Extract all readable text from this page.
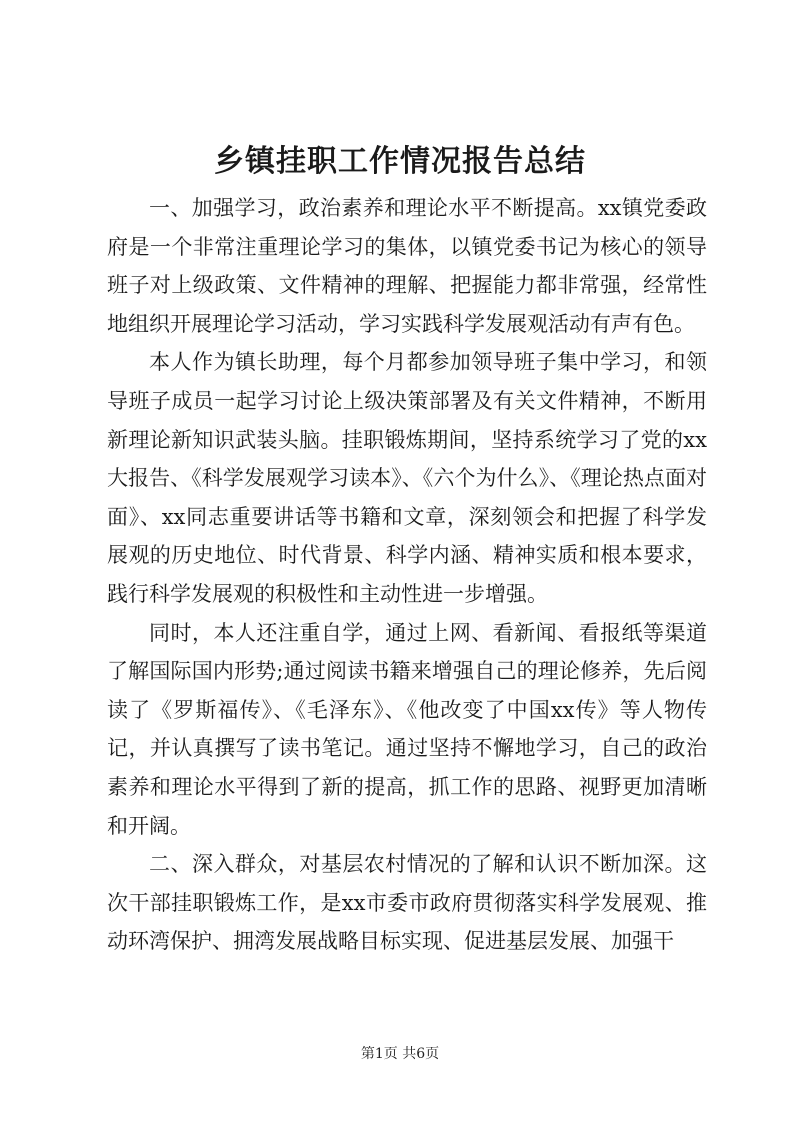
乡镇挂职工作情况报告总结

一、加强学习，政治素养和理论水平不断提高。xx镇党委政府是一个非常注重理论学习的集体，以镇党委书记为核心的领导班子对上级政策、文件精神的理解、把握能力都非常强，经常性地组织开展理论学习活动，学习实践科学发展观活动有声有色。

本人作为镇长助理，每个月都参加领导班子集中学习，和领导班子成员一起学习讨论上级决策部署及有关文件精神，不断用新理论新知识武装头脑。挂职锻炼期间，坚持系统学习了党的xx大报告、《科学发展观学习读本》、《六个为什么》、《理论热点面对面》、xx同志重要讲话等书籍和文章，深刻领会和把握了科学发展观的历史地位、时代背景、科学内涵、精神实质和根本要求，践行科学发展观的积极性和主动性进一步增强。

同时，本人还注重自学，通过上网、看新闻、看报纸等渠道了解国际国内形势;通过阅读书籍来增强自己的理论修养，先后阅读了《罗斯福传》、《毛泽东》、《他改变了中国xx传》等人物传记，并认真撰写了读书笔记。通过坚持不懈地学习，自己的政治素养和理论水平得到了新的提高，抓工作的思路、视野更加清晰和开阔。

二、深入群众，对基层农村情况的了解和认识不断加深。这次干部挂职锻炼工作，是xx市委市政府贯彻落实科学发展观、推动环湾保护、拥湾发展战略目标实现、促进基层发展、加强干

第1页 共6页
